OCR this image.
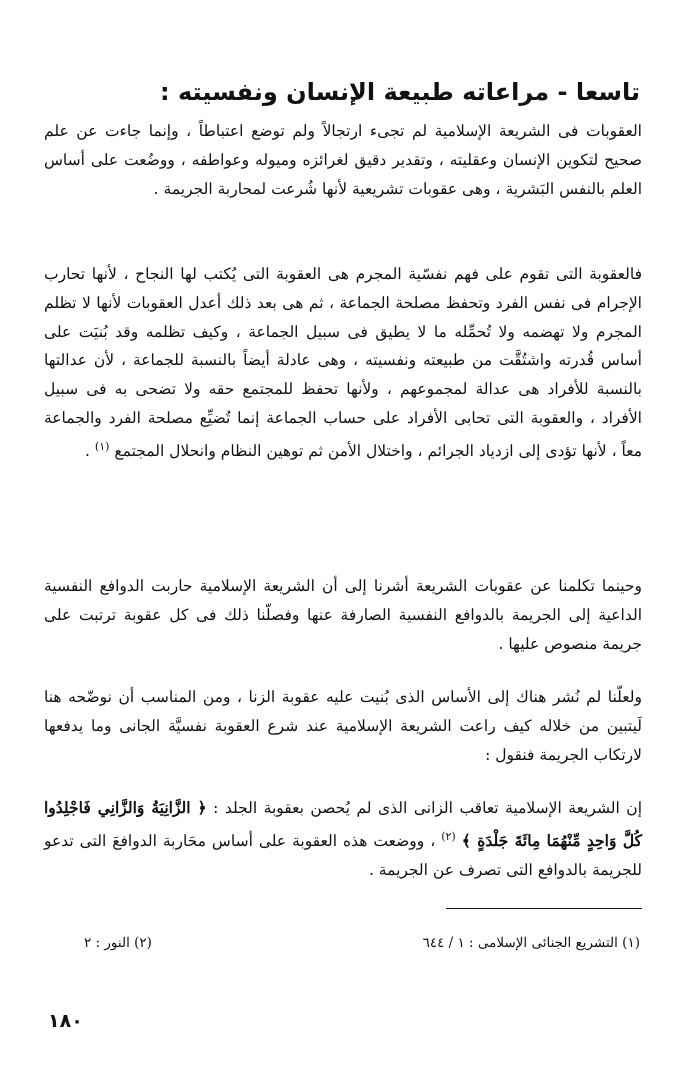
تاسعا - مراعاته طبيعة الإنسان ونفسيته :

العقوبات فى الشريعة الإسلامية لم تجىء ارتجالاً ولم توضع اعتباطاً ، وإنما جاءت عن علم صحيح لتكوين الإنسان وعقليته ، وتقدير دقيق لغرائزه وميوله وعواطفه ، ووضُعت على أساس العلم بالنفس البَشرية ، وهى عقوبات تشريعية لأنها شُرعت لمحاربة الجريمة .

فالعقوبة التى تقوم على فهم نفسّية المجرم هى العقوبة التى يُكتب لها النجاح ، لأنها تحارب الإجرام فى نفس الفرد وتحفظ مصلحة الجماعة ، ثم هى بعد ذلك أعدل العقوبات لأنها لا تظلم المجرم ولا تهضمه ولا تُحمِّله ما لا يطيق فى سبيل الجماعة ، وكيف تظلمه وقد بُنيَت على أساس قُدرته واشتُقَّت من طبيعته ونفسيته ، وهى عادلة أيضاً بالنسبة للجماعة ، لأن عدالتها بالنسبة للأفراد هى عدالة لمجموعهم ، ولأنها تحفظ للمجتمع حقه ولا تضحى به فى سبيل الأفراد ، والعقوبة التى تحابى الأفراد على حساب الجماعة إنما تُضيِّع مصلحة الفرد والجماعة معاً ، لأنها تؤدى إلى ازدياد الجرائم ، واختلال الأمن ثم توهين النظام وانحلال المجتمع $^{(١)}$ .

وحينما تكلمنا عن عقوبات الشريعة أشرنا إلى أن الشريعة الإسلامية حاربت الدوافع النفسية الداعية إلى الجريمة بالدوافع النفسية الصارفة عنها وفصلّنا ذلك فى كل عقوبة ترتبت على جريمة منصوص عليها .

ولعلّنا لم نُشر هناك إلى الأساس الذى بُنيت عليه عقوبة الزنا ، ومن المناسب أن نوضّحه هنا لَيتبين من خلاله كيف راعت الشريعة الإسلامية عند شرع العقوبة نفسيَّة الجانى وما يدفعها لارتكاب الجريمة فنقول :

إن الشريعة الإسلامية تعاقب الزانى الذى لم يُحصن بعقوبة الجلد : ﴿ الزَّانِيَةُ وَالزَّانِي فَاجْلِدُوا كُلَّ وَاحِدٍ مِّنْهُمَا مِائَةَ جَلْدَةٍ ﴾ $^{(٢)}$ ، ووضعت هذه العقوبة على أساس محَاربة الدوافعَ التى تدعو للجريمة بالدوافع التى تصرف عن الجريمة .

(١) التشريع الجنائى الإسلامى : ١ / ٦٤٤
(٢) النور : ٢
١٨٠
